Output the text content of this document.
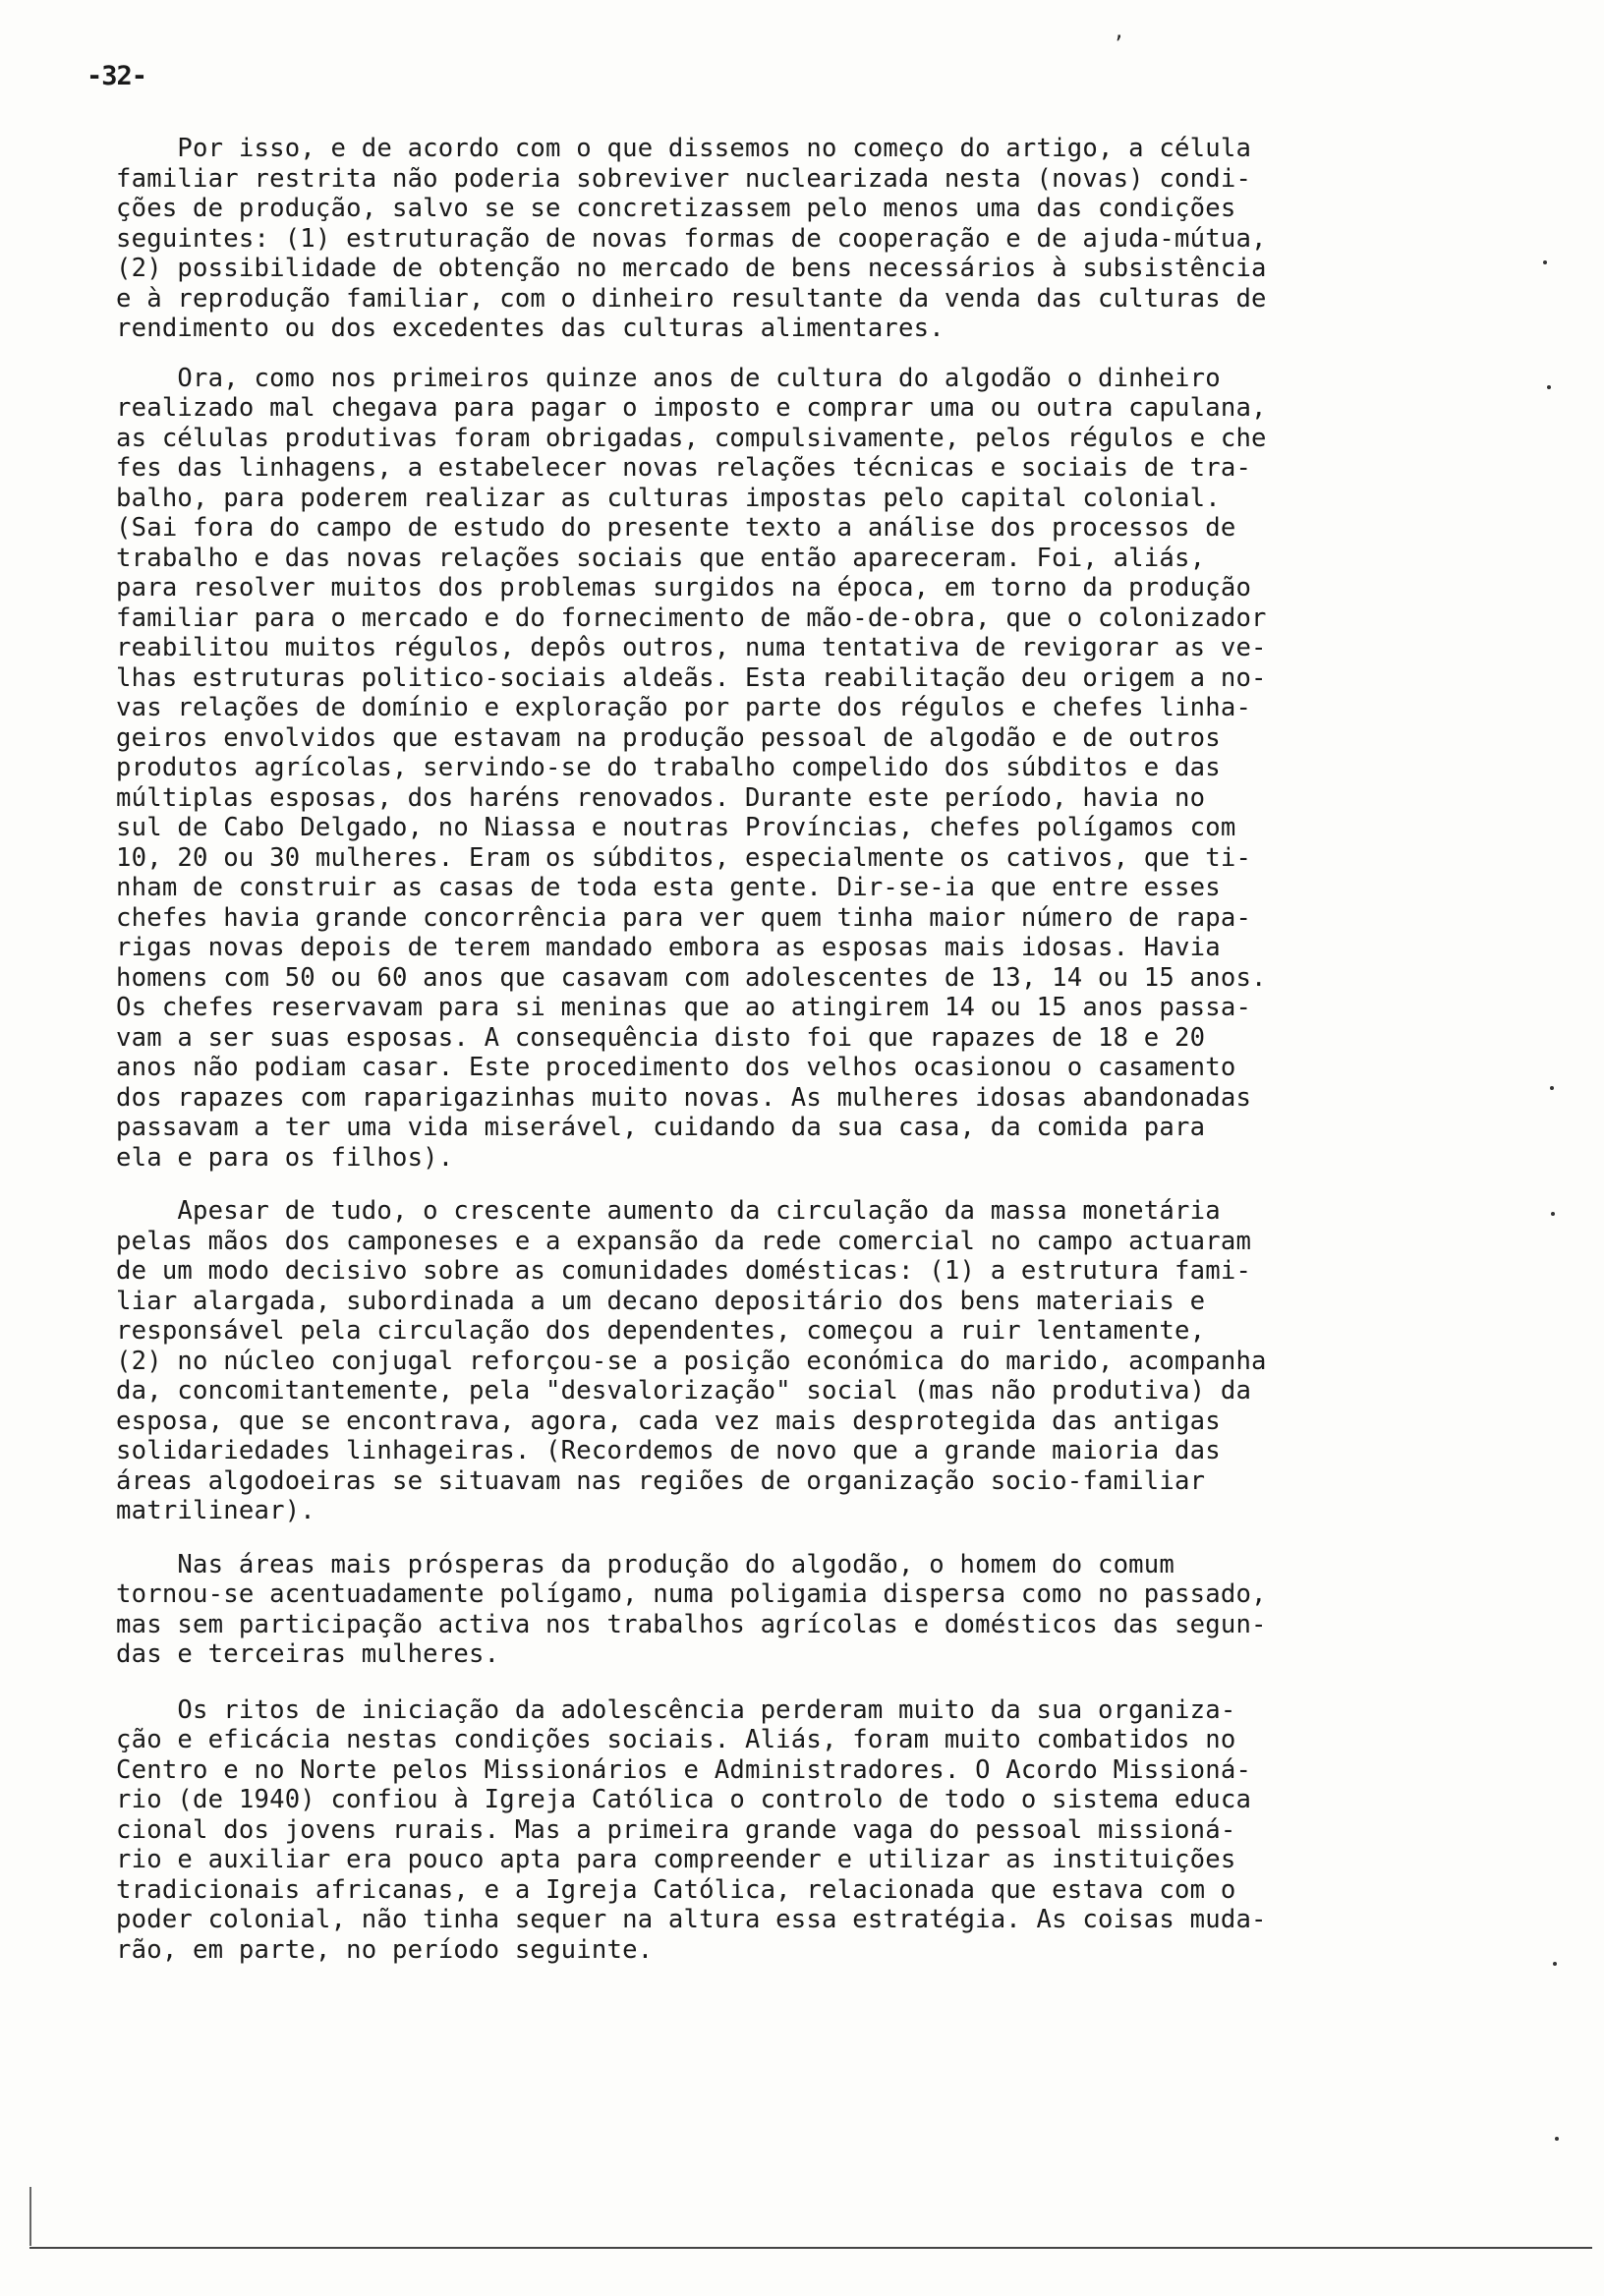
-32-
’
Por isso, e de acordo com o que dissemos no começo do artigo, a célula
familiar restrita não poderia sobreviver nuclearizada nesta (novas) condi-
ções de produção, salvo se se concretizassem pelo menos uma das condições
seguintes: (1) estruturação de novas formas de cooperação e de ajuda-mútua,
(2) possibilidade de obtenção no mercado de bens necessários à subsistência
e à reprodução familiar, com o dinheiro resultante da venda das culturas de
rendimento ou dos excedentes das culturas alimentares.
Ora, como nos primeiros quinze anos de cultura do algodão o dinheiro
realizado mal chegava para pagar o imposto e comprar uma ou outra capulana,
as células produtivas foram obrigadas, compulsivamente, pelos régulos e che
fes das linhagens, a estabelecer novas relações técnicas e sociais de tra-
balho, para poderem realizar as culturas impostas pelo capital colonial.
(Sai fora do campo de estudo do presente texto a análise dos processos de
trabalho e das novas relações sociais que então apareceram. Foi, aliás,
para resolver muitos dos problemas surgidos na época, em torno da produção
familiar para o mercado e do fornecimento de mão-de-obra, que o colonizador
reabilitou muitos régulos, depôs outros, numa tentativa de revigorar as ve-
lhas estruturas politico-sociais aldeãs. Esta reabilitação deu origem a no-
vas relações de domínio e exploração por parte dos régulos e chefes linha-
geiros envolvidos que estavam na produção pessoal de algodão e de outros
produtos agrícolas, servindo-se do trabalho compelido dos súbditos e das
múltiplas esposas, dos haréns renovados. Durante este período, havia no
sul de Cabo Delgado, no Niassa e noutras Províncias, chefes polígamos com
10, 20 ou 30 mulheres. Eram os súbditos, especialmente os cativos, que ti-
nham de construir as casas de toda esta gente. Dir-se-ia que entre esses
chefes havia grande concorrência para ver quem tinha maior número de rapa-
rigas novas depois de terem mandado embora as esposas mais idosas. Havia
homens com 50 ou 60 anos que casavam com adolescentes de 13, 14 ou 15 anos.
Os chefes reservavam para si meninas que ao atingirem 14 ou 15 anos passa-
vam a ser suas esposas. A consequência disto foi que rapazes de 18 e 20
anos não podiam casar. Este procedimento dos velhos ocasionou o casamento
dos rapazes com raparigazinhas muito novas. As mulheres idosas abandonadas
passavam a ter uma vida miserável, cuidando da sua casa, da comida para
ela e para os filhos).
Apesar de tudo, o crescente aumento da circulação da massa monetária
pelas mãos dos camponeses e a expansão da rede comercial no campo actuaram
de um modo decisivo sobre as comunidades domésticas: (1) a estrutura fami-
liar alargada, subordinada a um decano depositário dos bens materiais e
responsável pela circulação dos dependentes, começou a ruir lentamente,
(2) no núcleo conjugal reforçou-se a posição económica do marido, acompanha
da, concomitantemente, pela "desvalorização" social (mas não produtiva) da
esposa, que se encontrava, agora, cada vez mais desprotegida das antigas
solidariedades linhageiras. (Recordemos de novo que a grande maioria das
áreas algodoeiras se situavam nas regiões de organização socio-familiar
matrilinear).
Nas áreas mais prósperas da produção do algodão, o homem do comum
tornou-se acentuadamente polígamo, numa poligamia dispersa como no passado,
mas sem participação activa nos trabalhos agrícolas e domésticos das segun-
das e terceiras mulheres.
Os ritos de iniciação da adolescência perderam muito da sua organiza-
ção e eficácia nestas condições sociais. Aliás, foram muito combatidos no
Centro e no Norte pelos Missionários e Administradores. O Acordo Missioná-
rio (de 1940) confiou à Igreja Católica o controlo de todo o sistema educa
cional dos jovens rurais. Mas a primeira grande vaga do pessoal missioná-
rio e auxiliar era pouco apta para compreender e utilizar as instituições
tradicionais africanas, e a Igreja Católica, relacionada que estava com o
poder colonial, não tinha sequer na altura essa estratégia. As coisas muda-
rão, em parte, no período seguinte.
